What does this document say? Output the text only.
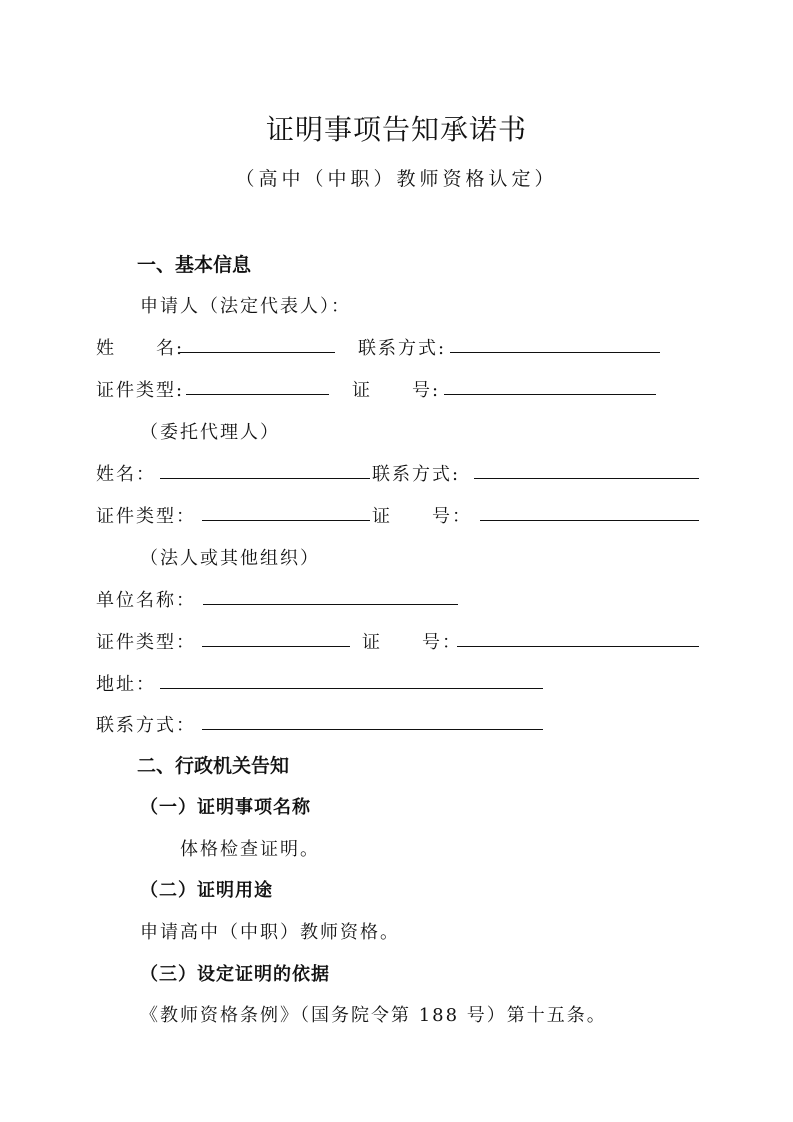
证明事项告知承诺书
（高中（中职）教师资格认定）
一、基本信息
申请人（法定代表人）：
姓　　名:	联系方式:
证件类型:	证　　号:
（委托代理人）
姓名：	联系方式:
证件类型：	证　　号：
（法人或其他组织）
单位名称：
证件类型：	证　　号：
地址：
联系方式：
二、行政机关告知
（一）证明事项名称
体格检查证明。
（二）证明用途
申请高中（中职）教师资格。
（三）设定证明的依据
《教师资格条例》（国务院令第 188 号）第十五条。
